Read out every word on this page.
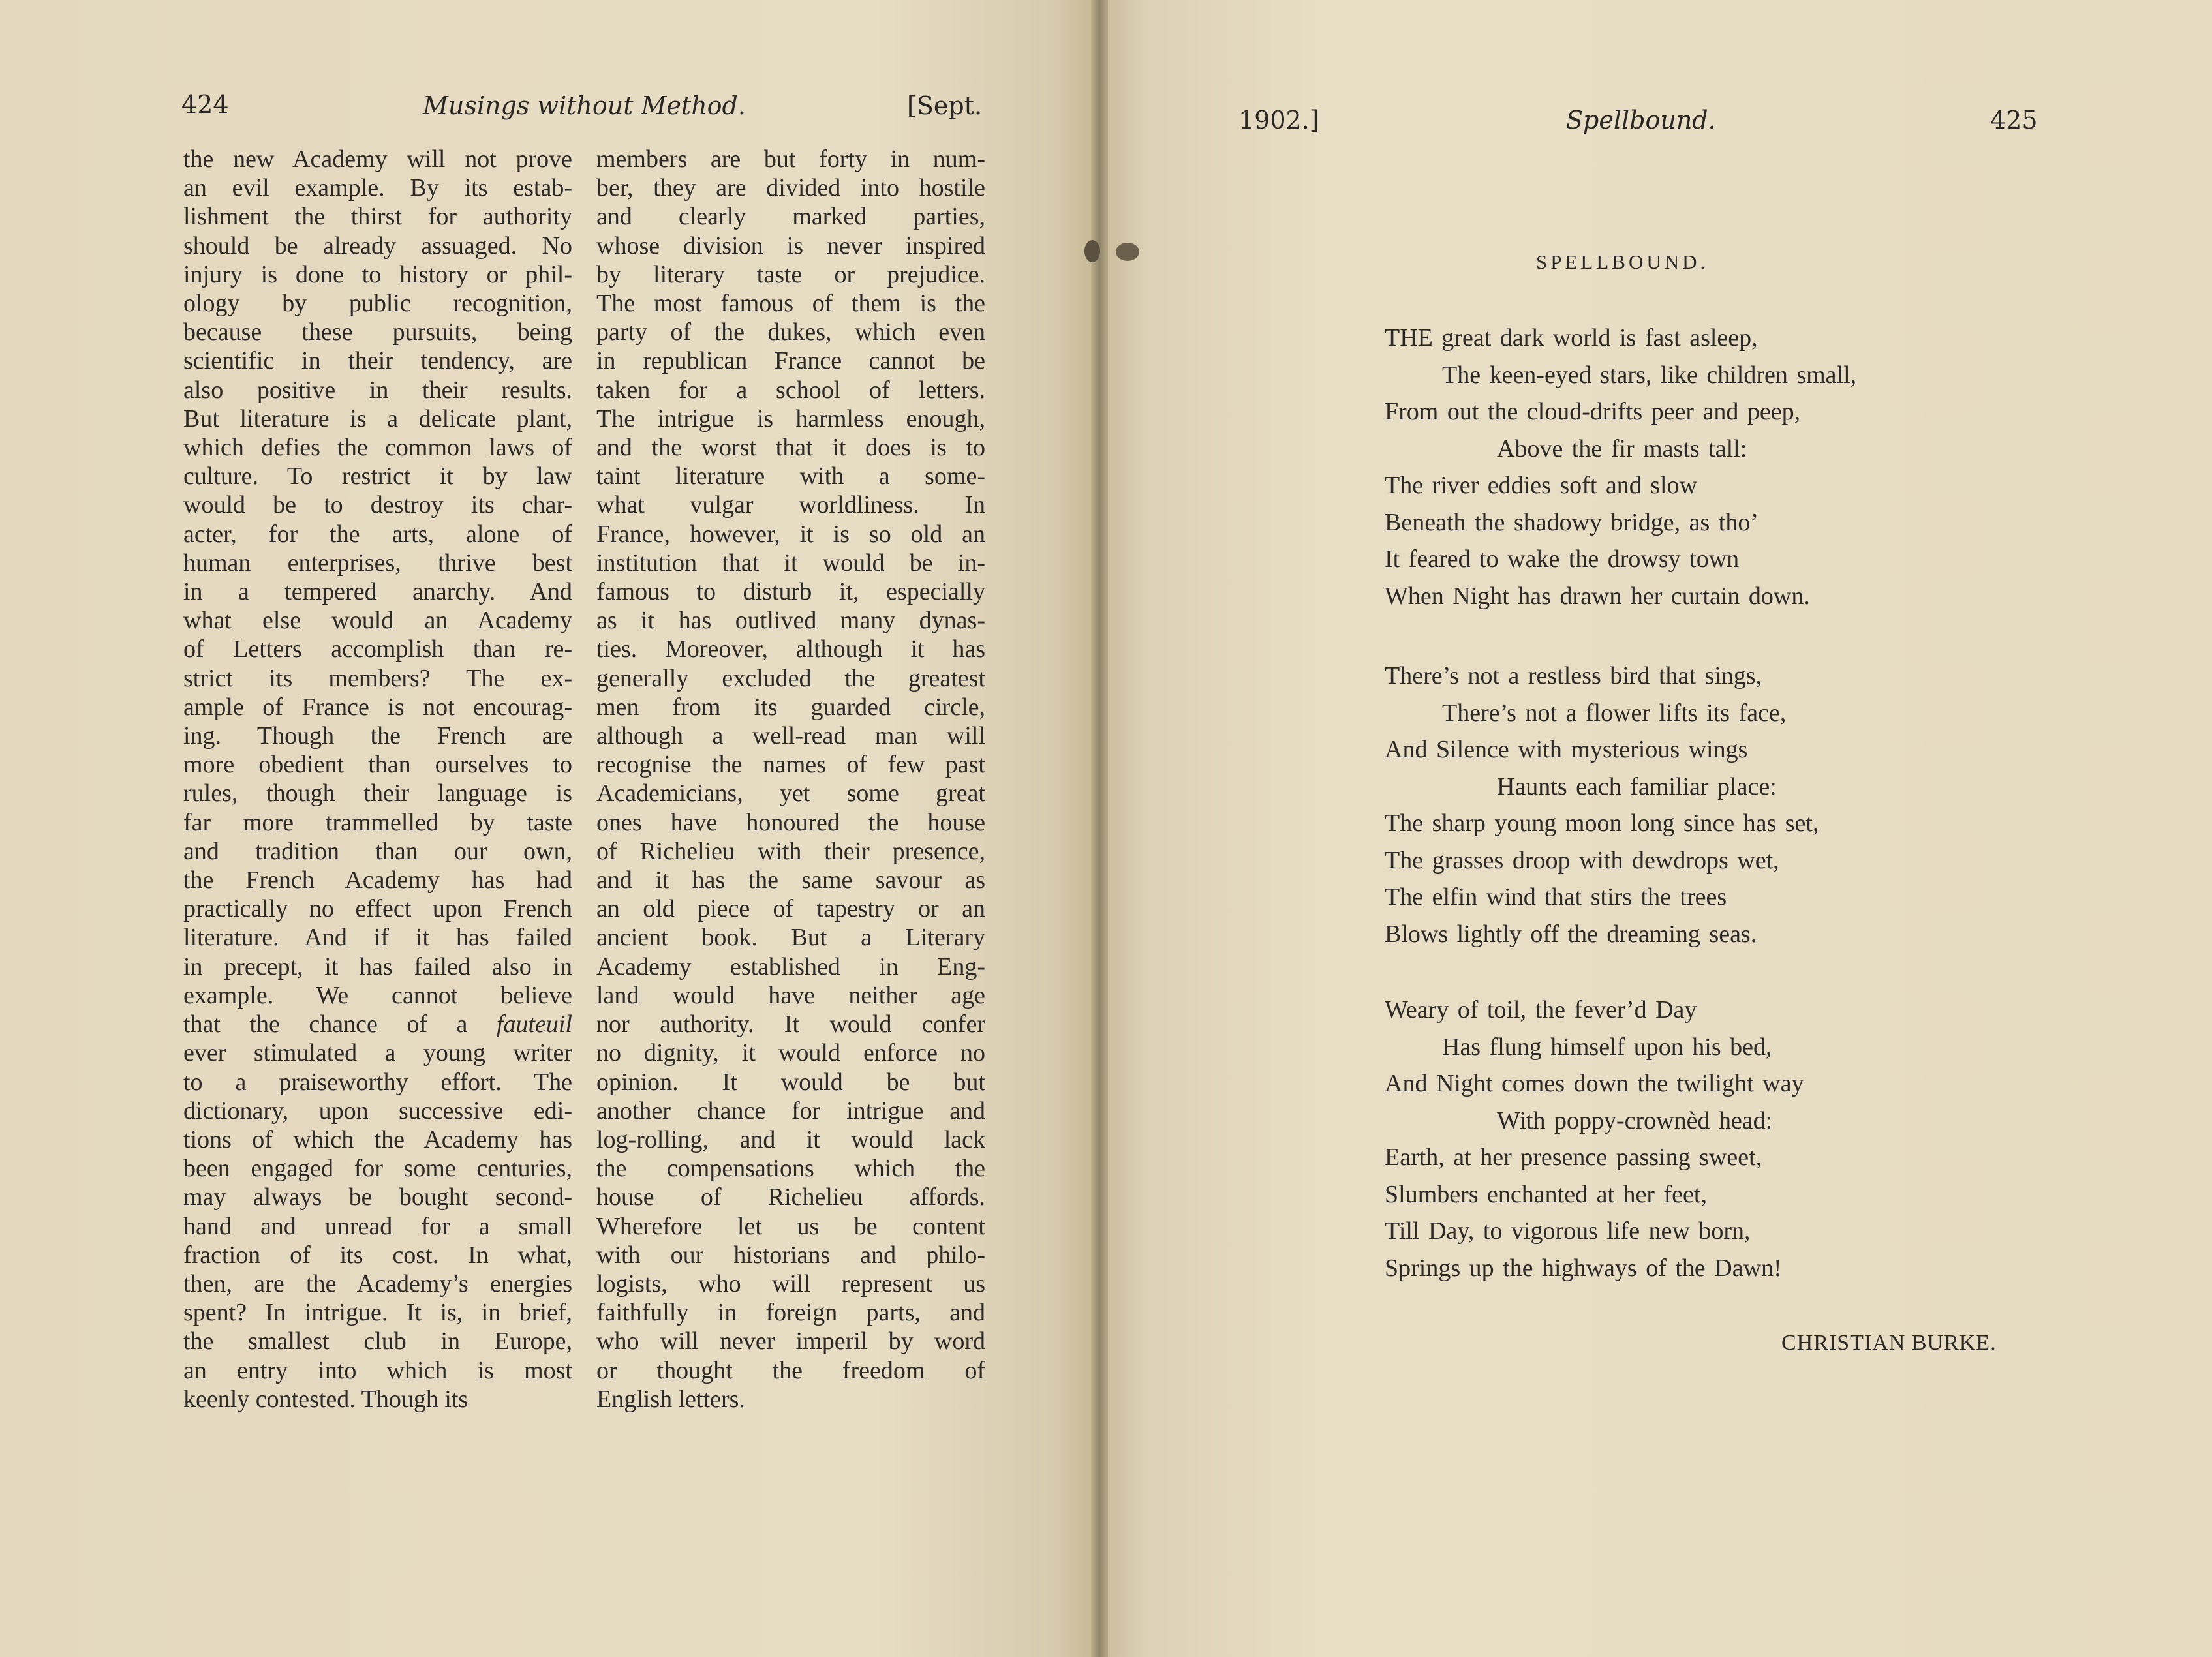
424	Musings without Method.	[Sept.
the new Academy will not prove
an evil example. By its estab-
lishment the thirst for authority
should be already assuaged. No
injury is done to history or phil-
ology by public recognition,
because these pursuits, being
scientific in their tendency, are
also positive in their results.
But literature is a delicate plant,
which defies the common laws of
culture. To restrict it by law
would be to destroy its char-
acter, for the arts, alone of
human enterprises, thrive best
in a tempered anarchy. And
what else would an Academy
of Letters accomplish than re-
strict its members? The ex-
ample of France is not encourag-
ing. Though the French are
more obedient than ourselves to
rules, though their language is
far more trammelled by taste
and tradition than our own,
the French Academy has had
practically no effect upon French
literature. And if it has failed
in precept, it has failed also in
example. We cannot believe
that the chance of a fauteuil
ever stimulated a young writer
to a praiseworthy effort. The
dictionary, upon successive edi-
tions of which the Academy has
been engaged for some centuries,
may always be bought second-
hand and unread for a small
fraction of its cost. In what,
then, are the Academy’s energies
spent? In intrigue. It is, in brief,
the smallest club in Europe,
an entry into which is most
keenly contested. Though its
members are but forty in num-
ber, they are divided into hostile
and clearly marked parties,
whose division is never inspired
by literary taste or prejudice.
The most famous of them is the
party of the dukes, which even
in republican France cannot be
taken for a school of letters.
The intrigue is harmless enough,
and the worst that it does is to
taint literature with a some-
what vulgar worldliness. In
France, however, it is so old an
institution that it would be in-
famous to disturb it, especially
as it has outlived many dynas-
ties. Moreover, although it has
generally excluded the greatest
men from its guarded circle,
although a well-read man will
recognise the names of few past
Academicians, yet some great
ones have honoured the house
of Richelieu with their presence,
and it has the same savour as
an old piece of tapestry or an
ancient book. But a Literary
Academy established in Eng-
land would have neither age
nor authority. It would confer
no dignity, it would enforce no
opinion. It would be but
another chance for intrigue and
log-rolling, and it would lack
the compensations which the
house of Richelieu affords.
Wherefore let us be content
with our historians and philo-
logists, who will represent us
faithfully in foreign parts, and
who will never imperil by word
or thought the freedom of
English letters.
1902.]	Spellbound.	425
SPELLBOUND.
THE great dark world is fast asleep,
The keen-eyed stars, like children small,
From out the cloud-drifts peer and peep,
Above the fir masts tall:
The river eddies soft and slow
Beneath the shadowy bridge, as tho’
It feared to wake the drowsy town
When Night has drawn her curtain down.
There’s not a restless bird that sings,
There’s not a flower lifts its face,
And Silence with mysterious wings
Haunts each familiar place:
The sharp young moon long since has set,
The grasses droop with dewdrops wet,
The elfin wind that stirs the trees
Blows lightly off the dreaming seas.
Weary of toil, the fever’d Day
Has flung himself upon his bed,
And Night comes down the twilight way
With poppy-crownèd head:
Earth, at her presence passing sweet,
Slumbers enchanted at her feet,
Till Day, to vigorous life new born,
Springs up the highways of the Dawn!
CHRISTIAN BURKE.
